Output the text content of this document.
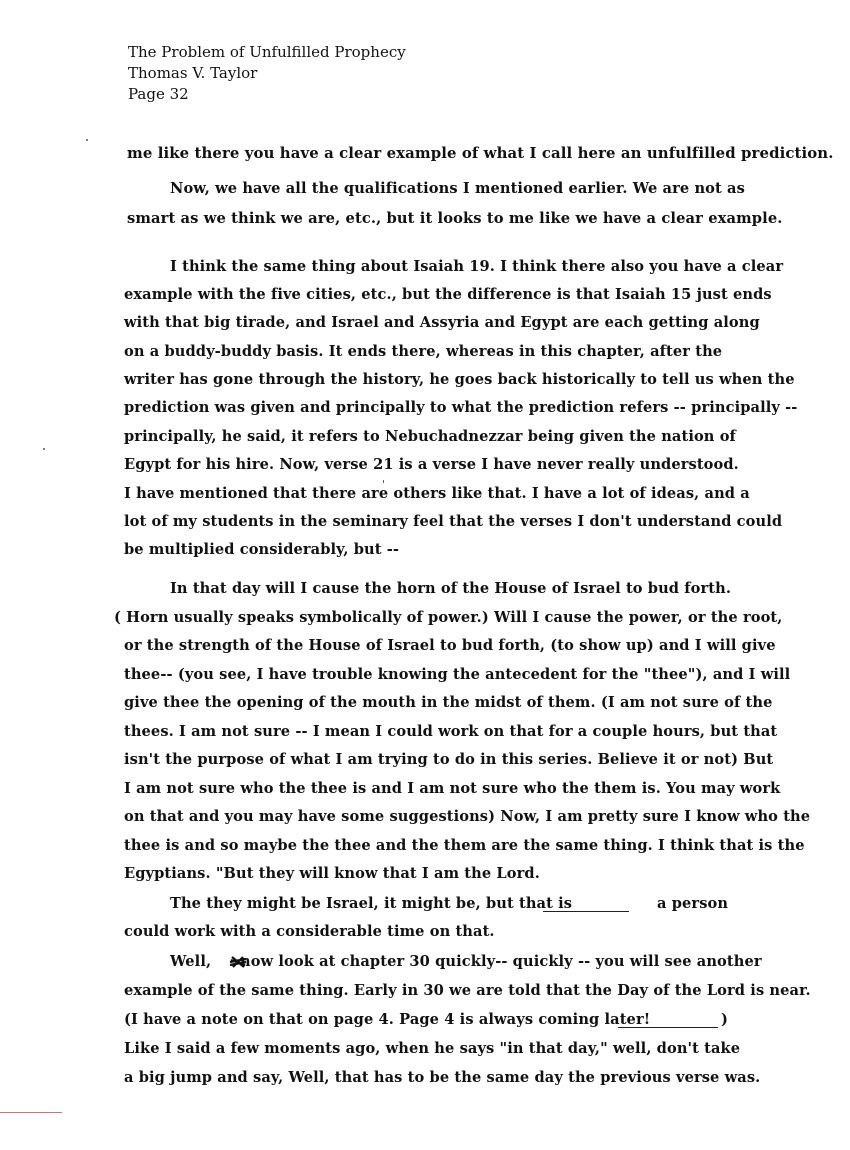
The Problem of Unfulfilled Prophecy
Thomas V. Taylor
Page 32
me like there you have a clear example of what I call here an unfulfilled prediction.
Now, we have all the qualifications I mentioned earlier. We are not as
smart as we think we are, etc., but it looks to me like we have a clear example.
I think the same thing about Isaiah 19. I think there also you have a clear
example with the five cities, etc., but the difference is that Isaiah 15 just ends
with that big tirade, and Israel and Assyria and Egypt are each getting along
on a buddy-buddy basis. It ends there, whereas in this chapter, after the
writer has gone through the history, he goes back historically to tell us when the
prediction was given and principally to what the prediction refers -- principally --
principally, he said, it refers to Nebuchadnezzar being given the nation of
Egypt for his hire. Now, verse 21 is a verse I have never really understood.
I have mentioned that there are others like that. I have a lot of ideas, and a
lot of my students in the seminary feel that the verses I don't understand could
be multiplied considerably, but --
In that day will I cause the horn of the House of Israel to bud forth.
( Horn usually speaks symbolically of power.) Will I cause the power, or the root,
or the strength of the House of Israel to bud forth, (to show up) and I will give
thee-- (you see, I have trouble knowing the antecedent for the "thee"), and I will
give thee the opening of the mouth in the midst of them. (I am not sure of the
thees. I am not sure -- I mean I could work on that for a couple hours, but that
isn't the purpose of what I am trying to do in this series. Believe it or not) But
I am not sure who the thee is and I am not sure who the them is. You may work
on that and you may have some suggestions) Now, I am pretty sure I know who the
thee is and so maybe the thee and the them are the same thing. I think that is the
Egyptians. "But they will know that I am the Lord.
The they might be Israel, it might be, but that is	a person
could work with a considerable time on that.
Well, now look at chapter 30 quickly-- quickly -- you will see another
example of the same thing. Early in 30 we are told that the Day of the Lord is near.
(I have a note on that on page 4. Page 4 is always coming later!	)
Like I said a few moments ago, when he says "in that day," well, don't take
a big jump and say, Well, that has to be the same day the previous verse was.
